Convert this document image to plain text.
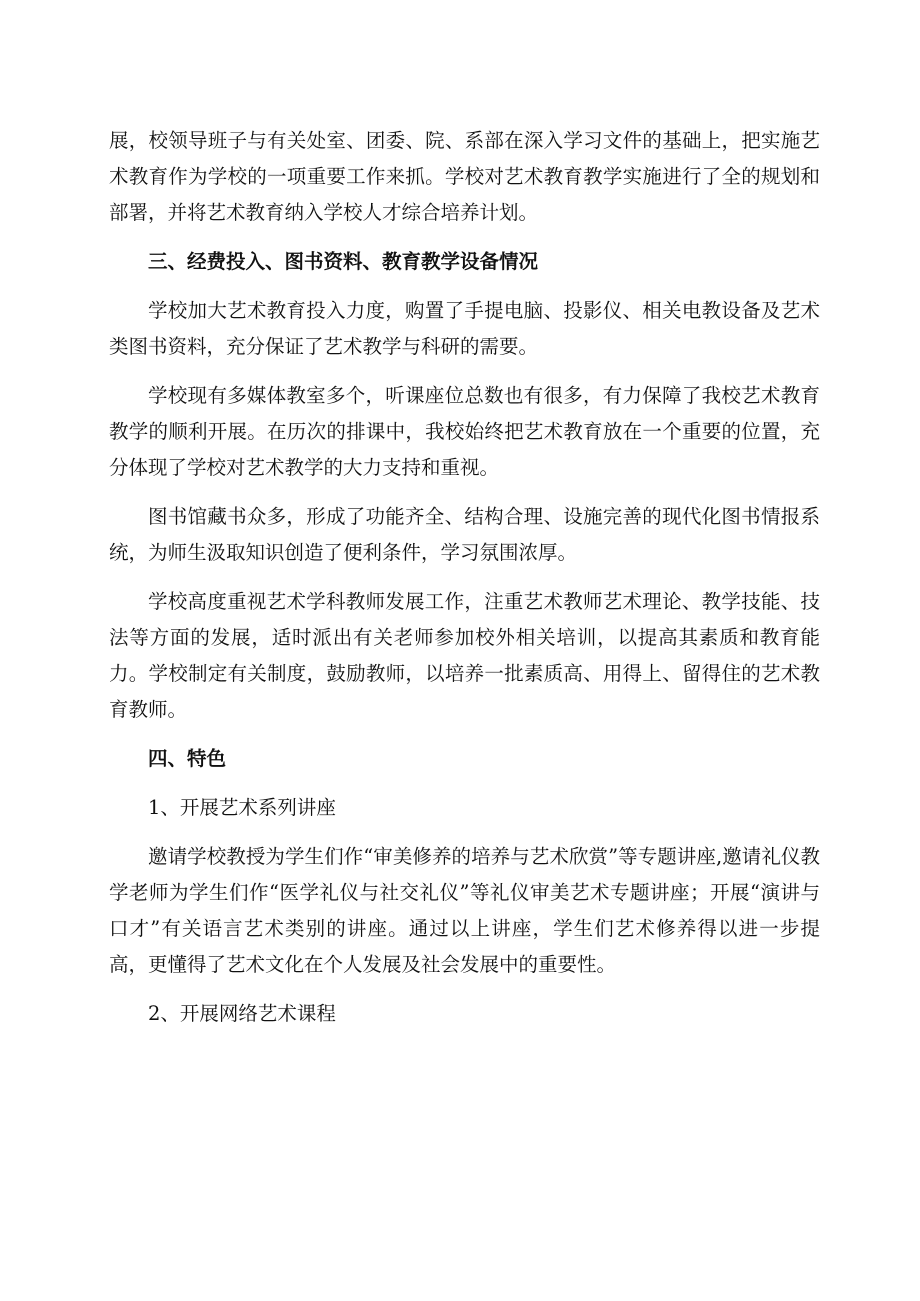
展，校领导班子与有关处室、团委、院、系部在深入学习文件的基础上，把实施艺术教育作为学校的一项重要工作来抓。学校对艺术教育教学实施进行了全的规划和部署，并将艺术教育纳入学校人才综合培养计划。

三、经费投入、图书资料、教育教学设备情况

学校加大艺术教育投入力度，购置了手提电脑、投影仪、相关电教设备及艺术类图书资料，充分保证了艺术教学与科研的需要。

学校现有多媒体教室多个，听课座位总数也有很多，有力保障了我校艺术教育教学的顺利开展。在历次的排课中，我校始终把艺术教育放在一个重要的位置，充分体现了学校对艺术教学的大力支持和重视。

图书馆藏书众多，形成了功能齐全、结构合理、设施完善的现代化图书情报系统，为师生汲取知识创造了便利条件，学习氛围浓厚。

学校高度重视艺术学科教师发展工作，注重艺术教师艺术理论、教学技能、技法等方面的发展，适时派出有关老师参加校外相关培训，以提高其素质和教育能力。学校制定有关制度，鼓励教师，以培养一批素质高、用得上、留得住的艺术教育教师。

四、特色

1、开展艺术系列讲座

邀请学校教授为学生们作“审美修养的培养与艺术欣赏”等专题讲座,邀请礼仪教学老师为学生们作“医学礼仪与社交礼仪”等礼仪审美艺术专题讲座；开展“演讲与口才”有关语言艺术类别的讲座。通过以上讲座，学生们艺术修养得以进一步提高，更懂得了艺术文化在个人发展及社会发展中的重要性。

2、开展网络艺术课程
